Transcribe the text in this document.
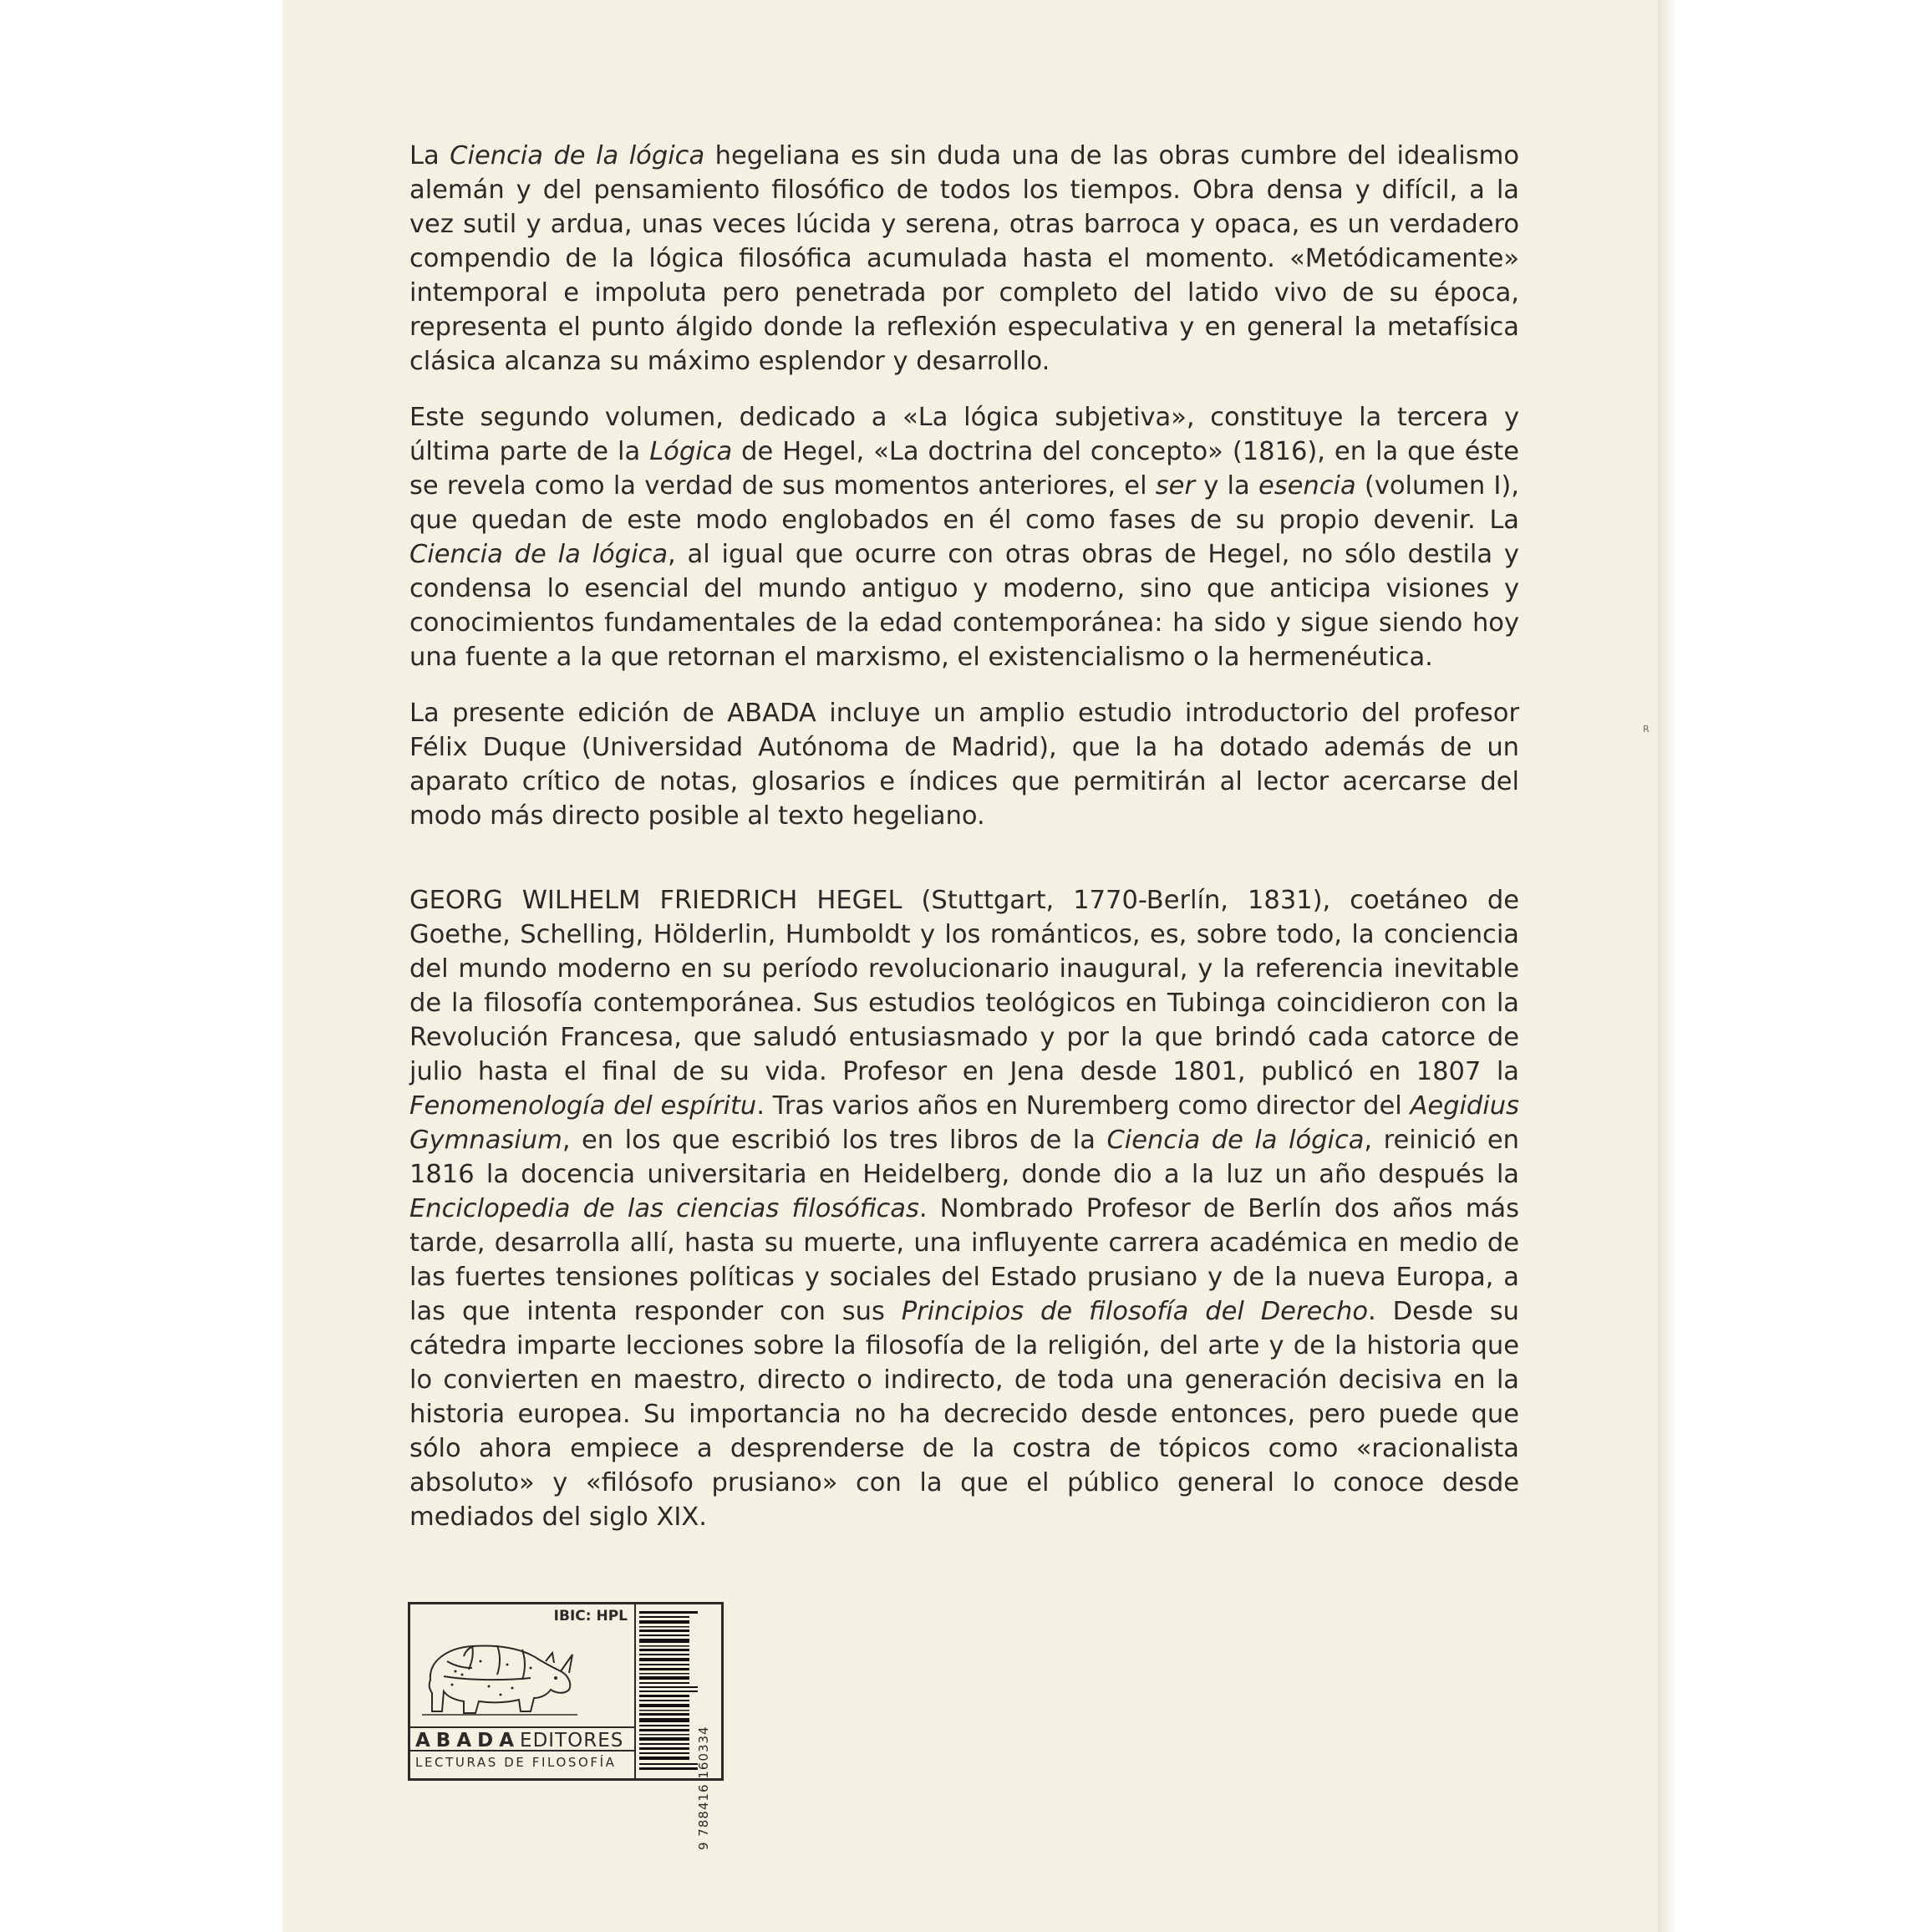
R

La Ciencia de la lógica hegeliana es sin duda una de las obras cumbre del idealismo alemán y del pensamiento filosófico de todos los tiempos. Obra densa y difícil, a la vez sutil y ardua, unas veces lúcida y serena, otras barroca y opaca, es un verdadero compendio de la lógica filosófica acumulada hasta el momento. «Metódicamente» intemporal e impoluta pero penetrada por completo del latido vivo de su época, representa el punto álgido donde la reflexión especulativa y en general la metafísica clásica alcanza su máximo esplendor y desarrollo.

Este segundo volumen, dedicado a «La lógica subjetiva», constituye la tercera y última parte de la Lógica de Hegel, «La doctrina del concepto» (1816), en la que éste se revela como la verdad de sus momentos anteriores, el ser y la esencia (volumen I), que quedan de este modo englobados en él como fases de su propio devenir. La Ciencia de la lógica, al igual que ocurre con otras obras de Hegel, no sólo destila y condensa lo esencial del mundo antiguo y moderno, sino que anticipa visiones y conocimientos fundamentales de la edad contemporánea: ha sido y sigue siendo hoy una fuente a la que retornan el marxismo, el existencialismo o la hermenéutica.

La presente edición de ABADA incluye un amplio estudio introductorio del profesor Félix Duque (Universidad Autónoma de Madrid), que la ha dotado además de un aparato crítico de notas, glosarios e índices que permitirán al lector acercarse del modo más directo posible al texto hegeliano.

GEORG WILHELM FRIEDRICH HEGEL (Stuttgart, 1770-Berlín, 1831), coetáneo de Goethe, Schelling, Hölderlin, Humboldt y los románticos, es, sobre todo, la conciencia del mundo moderno en su período revolucionario inaugural, y la referencia inevitable de la filosofía contemporánea. Sus estudios teológicos en Tubinga coincidieron con la Revolución Francesa, que saludó entusiasmado y por la que brindó cada catorce de julio hasta el final de su vida. Profesor en Jena desde 1801, publicó en 1807 la Fenomenología del espíritu. Tras varios años en Nuremberg como director del Aegidius Gymnasium, en los que escribió los tres libros de la Ciencia de la lógica, reinició en 1816 la docencia universitaria en Heidelberg, donde dio a la luz un año después la Enciclopedia de las ciencias filosóficas. Nombrado Profesor de Berlín dos años más tarde, desarrolla allí, hasta su muerte, una influyente carrera académica en medio de las fuertes tensiones políticas y sociales del Estado prusiano y de la nueva Europa, a las que intenta responder con sus Principios de filosofía del Derecho. Desde su cátedra imparte lecciones sobre la filosofía de la religión, del arte y de la historia que lo convierten en maestro, directo o indirecto, de toda una generación decisiva en la historia europea. Su importancia no ha decrecido desde entonces, pero puede que sólo ahora empiece a desprenderse de la costra de tópicos como «racionalista absoluto» y «filósofo prusiano» con la que el público general lo conoce desde mediados del siglo XIX.

IBIC: HPL
ABADAEDITORES
LECTURAS DE FILOSOFÍA	9 788416 160334
